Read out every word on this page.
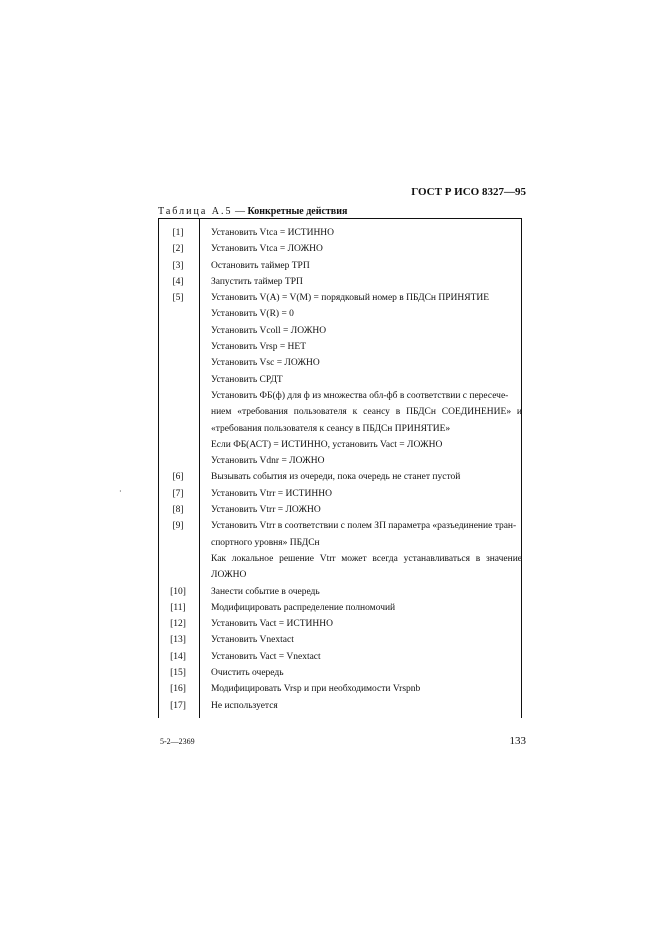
ГОСТ Р ИСО 8327—95
Таблица А.5 — Конкретные действия
[1]	Установить Vtca = ИСТИННО
[2]	Установить Vtca = ЛОЖНО
[3]	Остановить таймер ТРП
[4]	Запустить таймер ТРП
[5]	Установить V(A) = V(M) = порядковый номер в ПБДСн ПРИНЯТИЕ
Установить V(R) = 0
Установить Vcoll = ЛОЖНО
Установить Vrsp = НЕТ
Установить Vsc = ЛОЖНО
Установить СРДТ
Установить ФБ(ф) для ф из множества обл-фб в соответствии с пересече-
нием «требования пользователя к сеансу в ПБДСн СОЕДИНЕНИЕ» и
«требования пользователя к сеансу в ПБДСн ПРИНЯТИЕ»
Если ФБ(АСТ) = ИСТИННО, установить Vact = ЛОЖНО
Установить Vdnr = ЛОЖНО
[6]	Вызывать события из очереди, пока очередь не станет пустой
[7]	Установить Vtrr = ИСТИННО
[8]	Установить Vtrr = ЛОЖНО
[9]	Установить Vtrr в соответствии с полем ЗП параметра «разъединение тран-
спортного уровня» ПБДСн
Как локальное решение Vtrr может всегда устанавливаться в значение
ЛОЖНО
[10]	Занести событие в очередь
[11]	Модифицировать распределение полномочий
[12]	Установить Vact = ИСТИННО
[13]	Установить Vnextact
[14]	Установить Vact = Vnextact
[15]	Очистить очередь
[16]	Модифицировать Vrsp и при необходимости Vrspnb
[17]	Не используется
·
5-2—2369	133
